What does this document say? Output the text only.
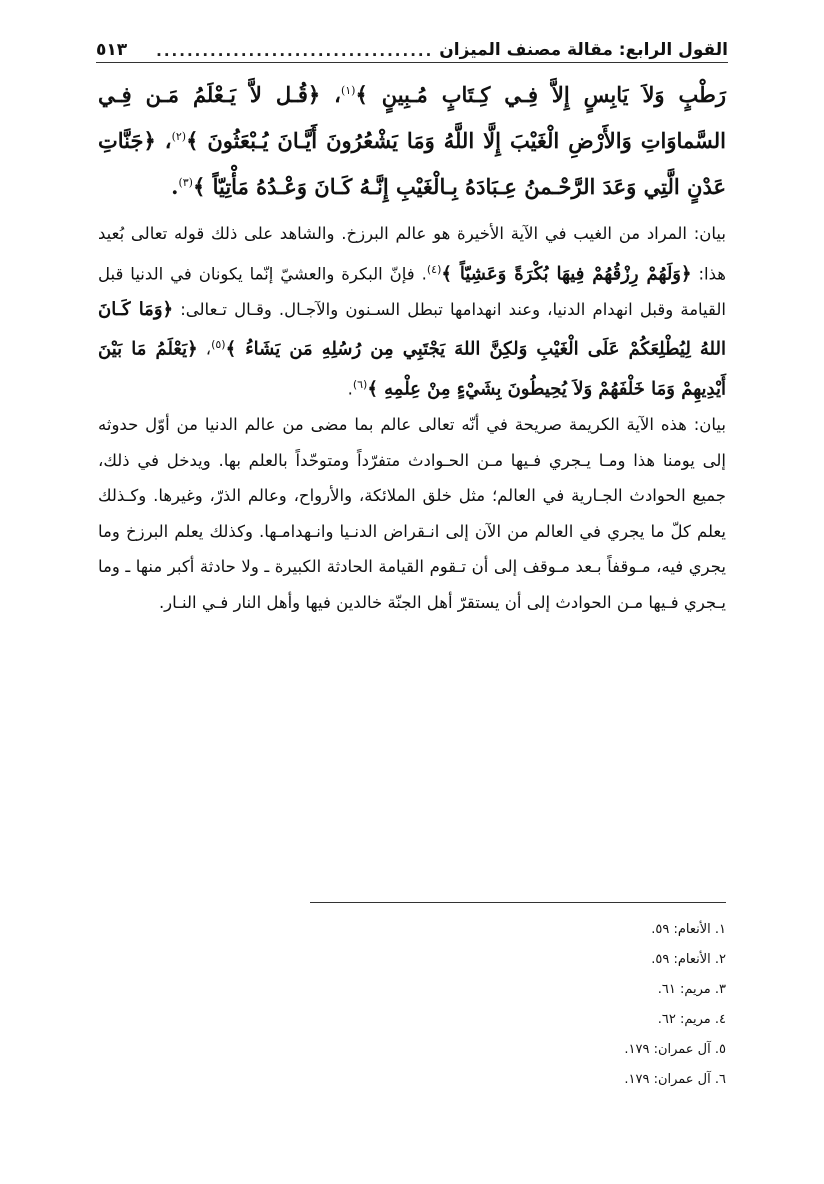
القول الرابع: مقالة مصنف الميزان
....................................
٥١٣

رَطْبٍ وَلاَ يَابِسٍ إِلاَّ فِـي كِـتَابٍ مُـبِينٍ ﴾$^{(١)}$، ﴿قُـل لاَّ يَـعْلَمُ مَـن فِـي السَّماوَاتِ وَالأَرْضِ الْغَيْبَ إِلَّا اللَّهُ وَمَا يَشْعُرُونَ أَيَّـانَ يُـبْعَثُونَ ﴾$^{(٢)}$، ﴿جَنَّاتِ عَدْنٍ الَّتِي وَعَدَ الرَّحْـمنُ عِـبَادَهُ بِـالْغَيْبِ إِنَّـهُ كَـانَ وَعْـدُهُ مَأْتِيّاً ﴾$^{(٣)}$.

بيان: المراد من الغيب في الآية الأخيرة هو عالم البرزخ. والشاهد على ذلك قوله تعالى بُعيد هذا: ﴿وَلَهُمْ رِزْقُهُمْ فِيهَا بُكْرَةً وَعَشِيّاً ﴾$^{(٤)}$. فإنّ البكرة والعشيّ إنّما يكونان في الدنيا قبل القيامة وقبل انهدام الدنيا، وعند انهدامها تبطل السـنون والآجـال. وقـال تـعالى: ﴿وَمَا كَـانَ اللهُ لِيُطْلِعَكُمْ عَلَى الْغَيْبِ وَلكِنَّ اللهَ يَجْتَبِي مِن رُسُلِهِ مَن يَشَاءُ ﴾$^{(٥)}$، ﴿يَعْلَمُ مَا بَيْنَ أَيْدِيهِمْ وَمَا خَلْفَهُمْ وَلاَ يُحِيطُونَ بِشَيْءٍ مِنْ عِلْمِهِ ﴾$^{(٦)}$.

بيان: هذه الآية الكريمة صريحة في أنّه تعالى عالم بما مضى من عالم الدنيا من أوّل حدوثه إلى يومنا هذا ومـا يـجري فـيها مـن الحـوادث متفرّداً ومتوحّداً بالعلم بها. ويدخل في ذلك، جميع الحوادث الجـارية في العالم؛ مثل خلق الملائكة، والأرواح، وعالم الذرّ، وغيرها. وكـذلك يعلم كلّ ما يجري في العالم من الآن إلى انـقراض الدنـيا وانـهدامـها. وكذلك يعلم البرزخ وما يجري فيه، مـوقفاً بـعد مـوقف إلى أن تـقوم القيامة الحادثة الكبيرة ـ ولا حادثة أكبر منها ـ وما يـجري فـيها مـن الحوادث إلى أن يستقرّ أهل الجنّة خالدين فيها وأهل النار فـي النـار.

١. الأنعام: ٥٩.
٢. الأنعام: ٥٩.
٣. مريم: ٦١.
٤. مريم: ٦٢.
٥. آل عمران: ١٧٩.
٦. آل عمران: ١٧٩.
